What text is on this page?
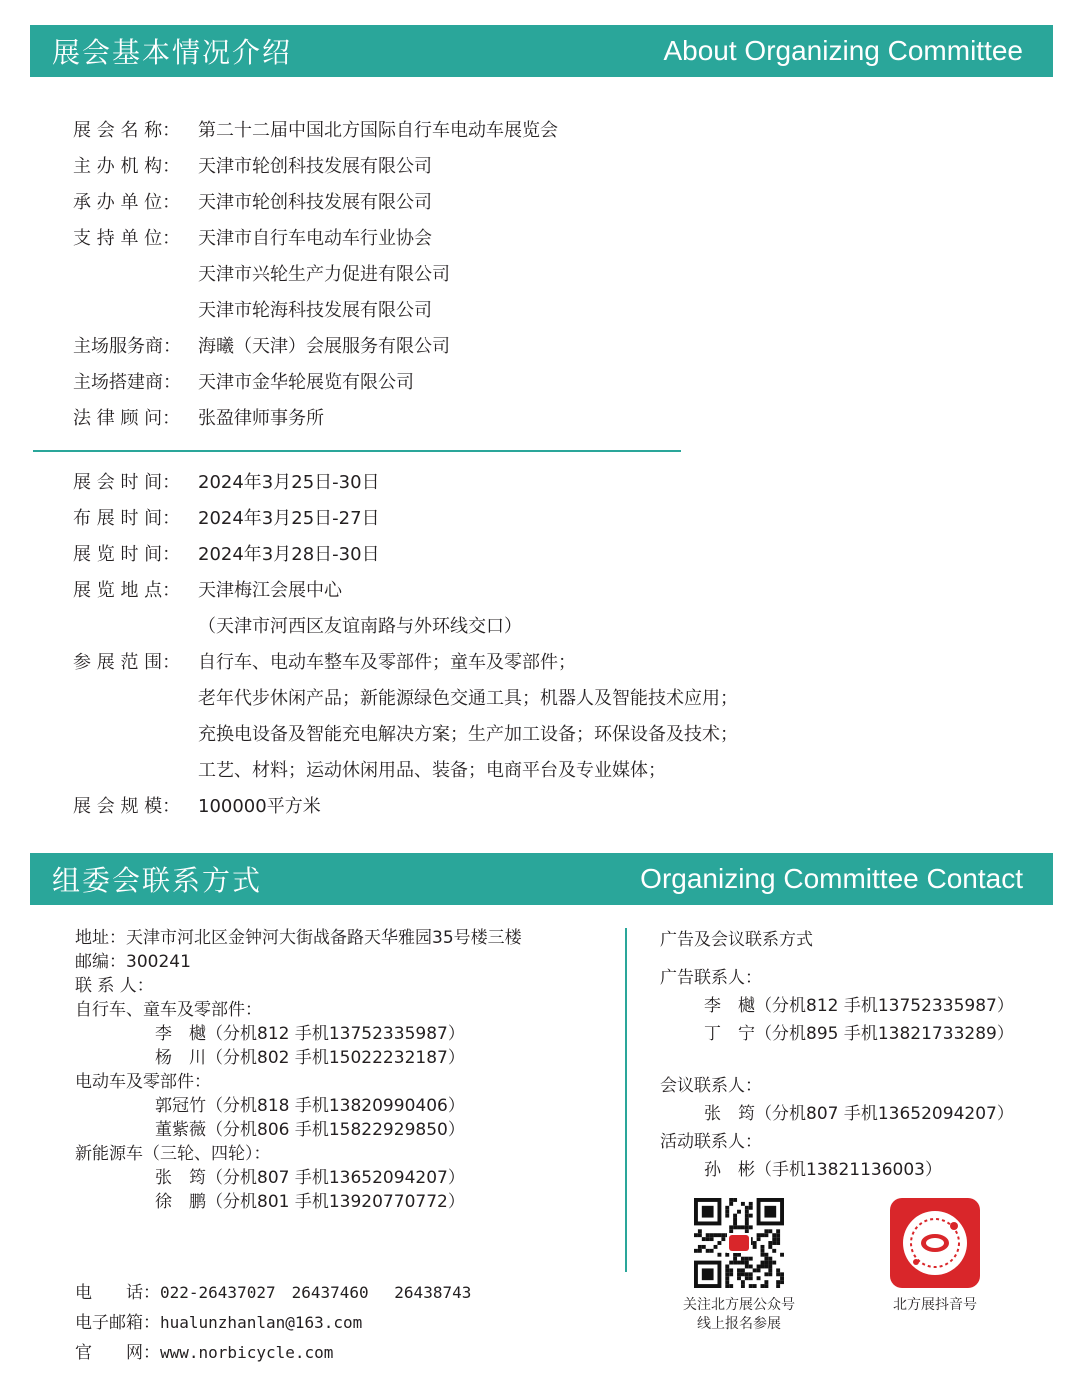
展会基本情况介绍	About Organizing Committee
展 会 名 称： 第二十二届中国北方国际自行车电动车展览会
主 办 机 构： 天津市轮创科技发展有限公司
承 办 单 位： 天津市轮创科技发展有限公司
支 持 单 位： 天津市自行车电动车行业协会
天津市兴轮生产力促进有限公司
天津市轮海科技发展有限公司
主场服务商： 海曦（天津）会展服务有限公司
主场搭建商： 天津市金华轮展览有限公司
法 律 顾 问： 张盈律师事务所
展 会 时 间： 2024年3月25日-30日
布 展 时 间： 2024年3月25日-27日
展 览 时 间： 2024年3月28日-30日
展 览 地 点： 天津梅江会展中心
（天津市河西区友谊南路与外环线交口）
参 展 范 围： 自行车、电动车整车及零部件；童车及零部件；
老年代步休闲产品；新能源绿色交通工具；机器人及智能技术应用；
充换电设备及智能充电解决方案；生产加工设备；环保设备及技术；
工艺、材料；运动休闲用品、装备；电商平台及专业媒体；
展 会 规 模： 100000平方米
组委会联系方式	Organizing Committee Contact
地址：天津市河北区金钟河大街战备路天华雅园35号楼三楼
邮编：300241
联 系 人：
自行车、童车及零部件：
李　樾（分机812 手机13752335987）
杨　川（分机802 手机15022232187）
电动车及零部件：
郭冠竹（分机818 手机13820990406）
董紫薇（分机806 手机15822929850）
新能源车（三轮、四轮）：
张　筠（分机807 手机13652094207）
徐　鹏（分机801 手机13920770772）
电　　话：022-26437027　26437460　 26438743
电子邮箱：hualunzhanlan@163.com
官　　网：www.norbicycle.com
广告及会议联系方式
广告联系人：
李　樾（分机812 手机13752335987）
丁　宁（分机895 手机13821733289）
会议联系人：
张　筠（分机807 手机13652094207）
活动联系人：
孙　彬（手机13821136003）
关注北方展公众号
线上报名参展
北方展抖音号
